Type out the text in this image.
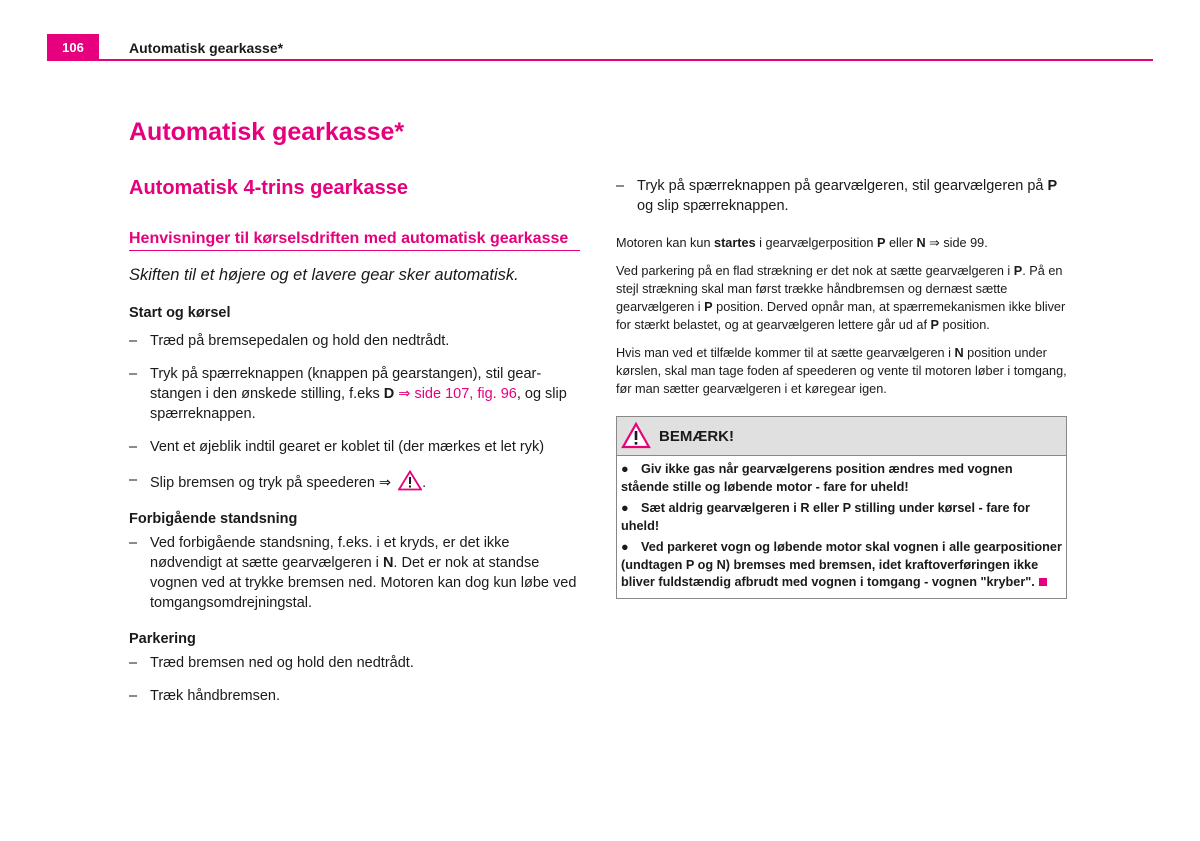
106	Automatisk gearkasse*
Automatisk gearkasse*
Automatisk 4-trins gearkasse
Henvisninger til kørselsdriften med automatisk gearkasse
Skiften til et højere og et lavere gear sker automatisk.
Start og kørsel
– Træd på bremsepedalen og hold den nedtrådt.
– Tryk på spærreknappen (knappen på gearstangen), stil gearstangen i den ønskede stilling, f.eks D ⇒ side 107, fig. 96, og slip spærreknappen.
– Vent et øjeblik indtil gearet er koblet til (der mærkes et let ryk)
– Slip bremsen og tryk på speederen ⇒ .
Forbigående standsning
– Ved forbigående standsning, f.eks. i et kryds, er det ikke nødvendigt at sætte gearvælgeren i N. Det er nok at standse vognen ved at trykke bremsen ned. Motoren kan dog kun løbe ved tomgangsomdrejningstal.
Parkering
– Træd bremsen ned og hold den nedtrådt.
– Træk håndbremsen.
– Tryk på spærreknappen på gearvælgeren, stil gearvælgeren på P og slip spærreknappen.
Motoren kan kun startes i gearvælgerposition P eller N ⇒ side 99.
Ved parkering på en flad strækning er det nok at sætte gearvælgeren i P. På en stejl strækning skal man først trække håndbremsen og dernæst sætte gearvælgeren i P position. Derved opnår man, at spærremekanismen ikke bliver for stærkt belastet, og at gearvælgeren lettere går ud af P position.
Hvis man ved et tilfælde kommer til at sætte gearvælgeren i N position under kørslen, skal man tage foden af speederen og vente til motoren løber i tomgang, før man sætter gearvælgeren i et køregear igen.
BEMÆRK!
● Giv ikke gas når gearvælgerens position ændres med vognen stående stille og løbende motor - fare for uheld!
● Sæt aldrig gearvælgeren i R eller P stilling under kørsel - fare for uheld!
● Ved parkeret vogn og løbende motor skal vognen i alle gearpositioner (undtagen P og N) bremses med bremsen, idet kraftoverføringen ikke bliver fuldstændig afbrudt med vognen i tomgang - vognen "kryber".
